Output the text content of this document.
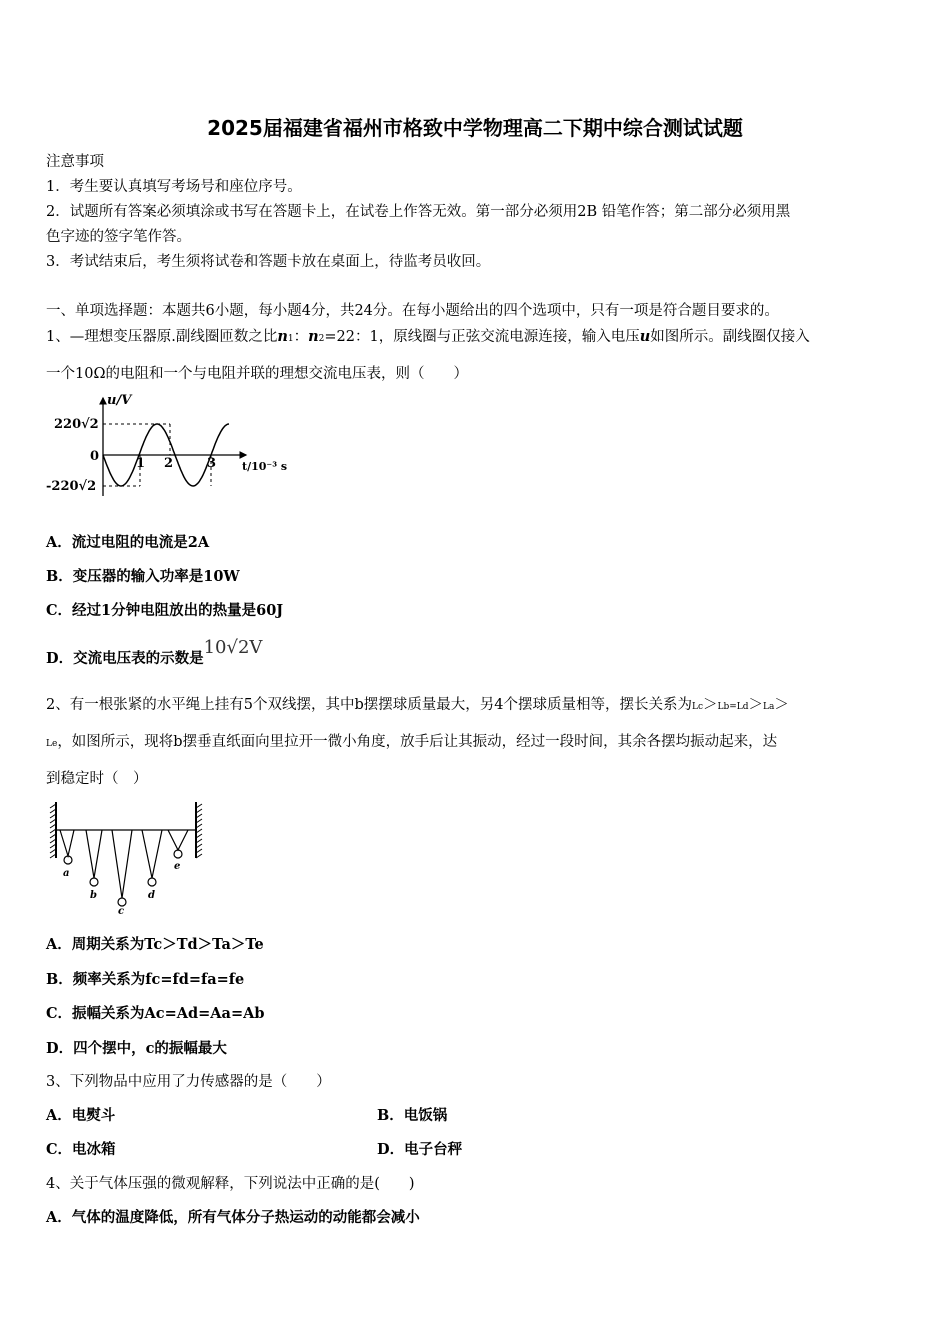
2025届福建省福州市格致中学物理高二下期中综合测试试题
注意事项
1．考生要认真填写考场号和座位序号。
2．试题所有答案必须填涂或书写在答题卡上，在试卷上作答无效。第一部分必须用2B 铅笔作答；第二部分必须用黑
色字迹的签字笔作答。
3．考试结束后，考生须将试卷和答题卡放在桌面上，待监考员收回。
一、单项选择题：本题共6小题，每小题4分，共24分。在每小题给出的四个选项中，只有一项是符合题目要求的。
1、—理想变压器原.副线圈匝数之比n1：n2=22：1，原线圈与正弦交流电源连接，输入电压u如图所示。副线圈仅接入
一个10Ω的电阻和一个与电阻并联的理想交流电压表，则（　　）
u/V
220√2
0
-220√2
1 2	3 t/10⁻³ s
A．流过电阻的电流是2A
B．变压器的输入功率是10W
C．经过1分钟电阻放出的热量是60J
D．交流电压表的示数是10√2V
2、有一根张紧的水平绳上挂有5个双线摆，其中b摆摆球质量最大，另4个摆球质量相等，摆长关系为Lc＞Lb=Ld＞La＞
Le，如图所示，现将b摆垂直纸面向里拉开一微小角度，放手后让其振动，经过一段时间，其余各摆均振动起来，达
到稳定时（　）
a
b
c
d
e
A．周期关系为Tc＞Td＞Ta＞Te
B．频率关系为fc=fd=fa=fe
C．振幅关系为Ac=Ad=Aa=Ab
D．四个摆中，c的振幅最大
3、下列物品中应用了力传感器的是（　　）
A．电熨斗	B．电饭锅
C．电冰箱	D．电子台秤
4、关于气体压强的微观解释，下列说法中正确的是(　　)
A．气体的温度降低，所有气体分子热运动的动能都会减小
